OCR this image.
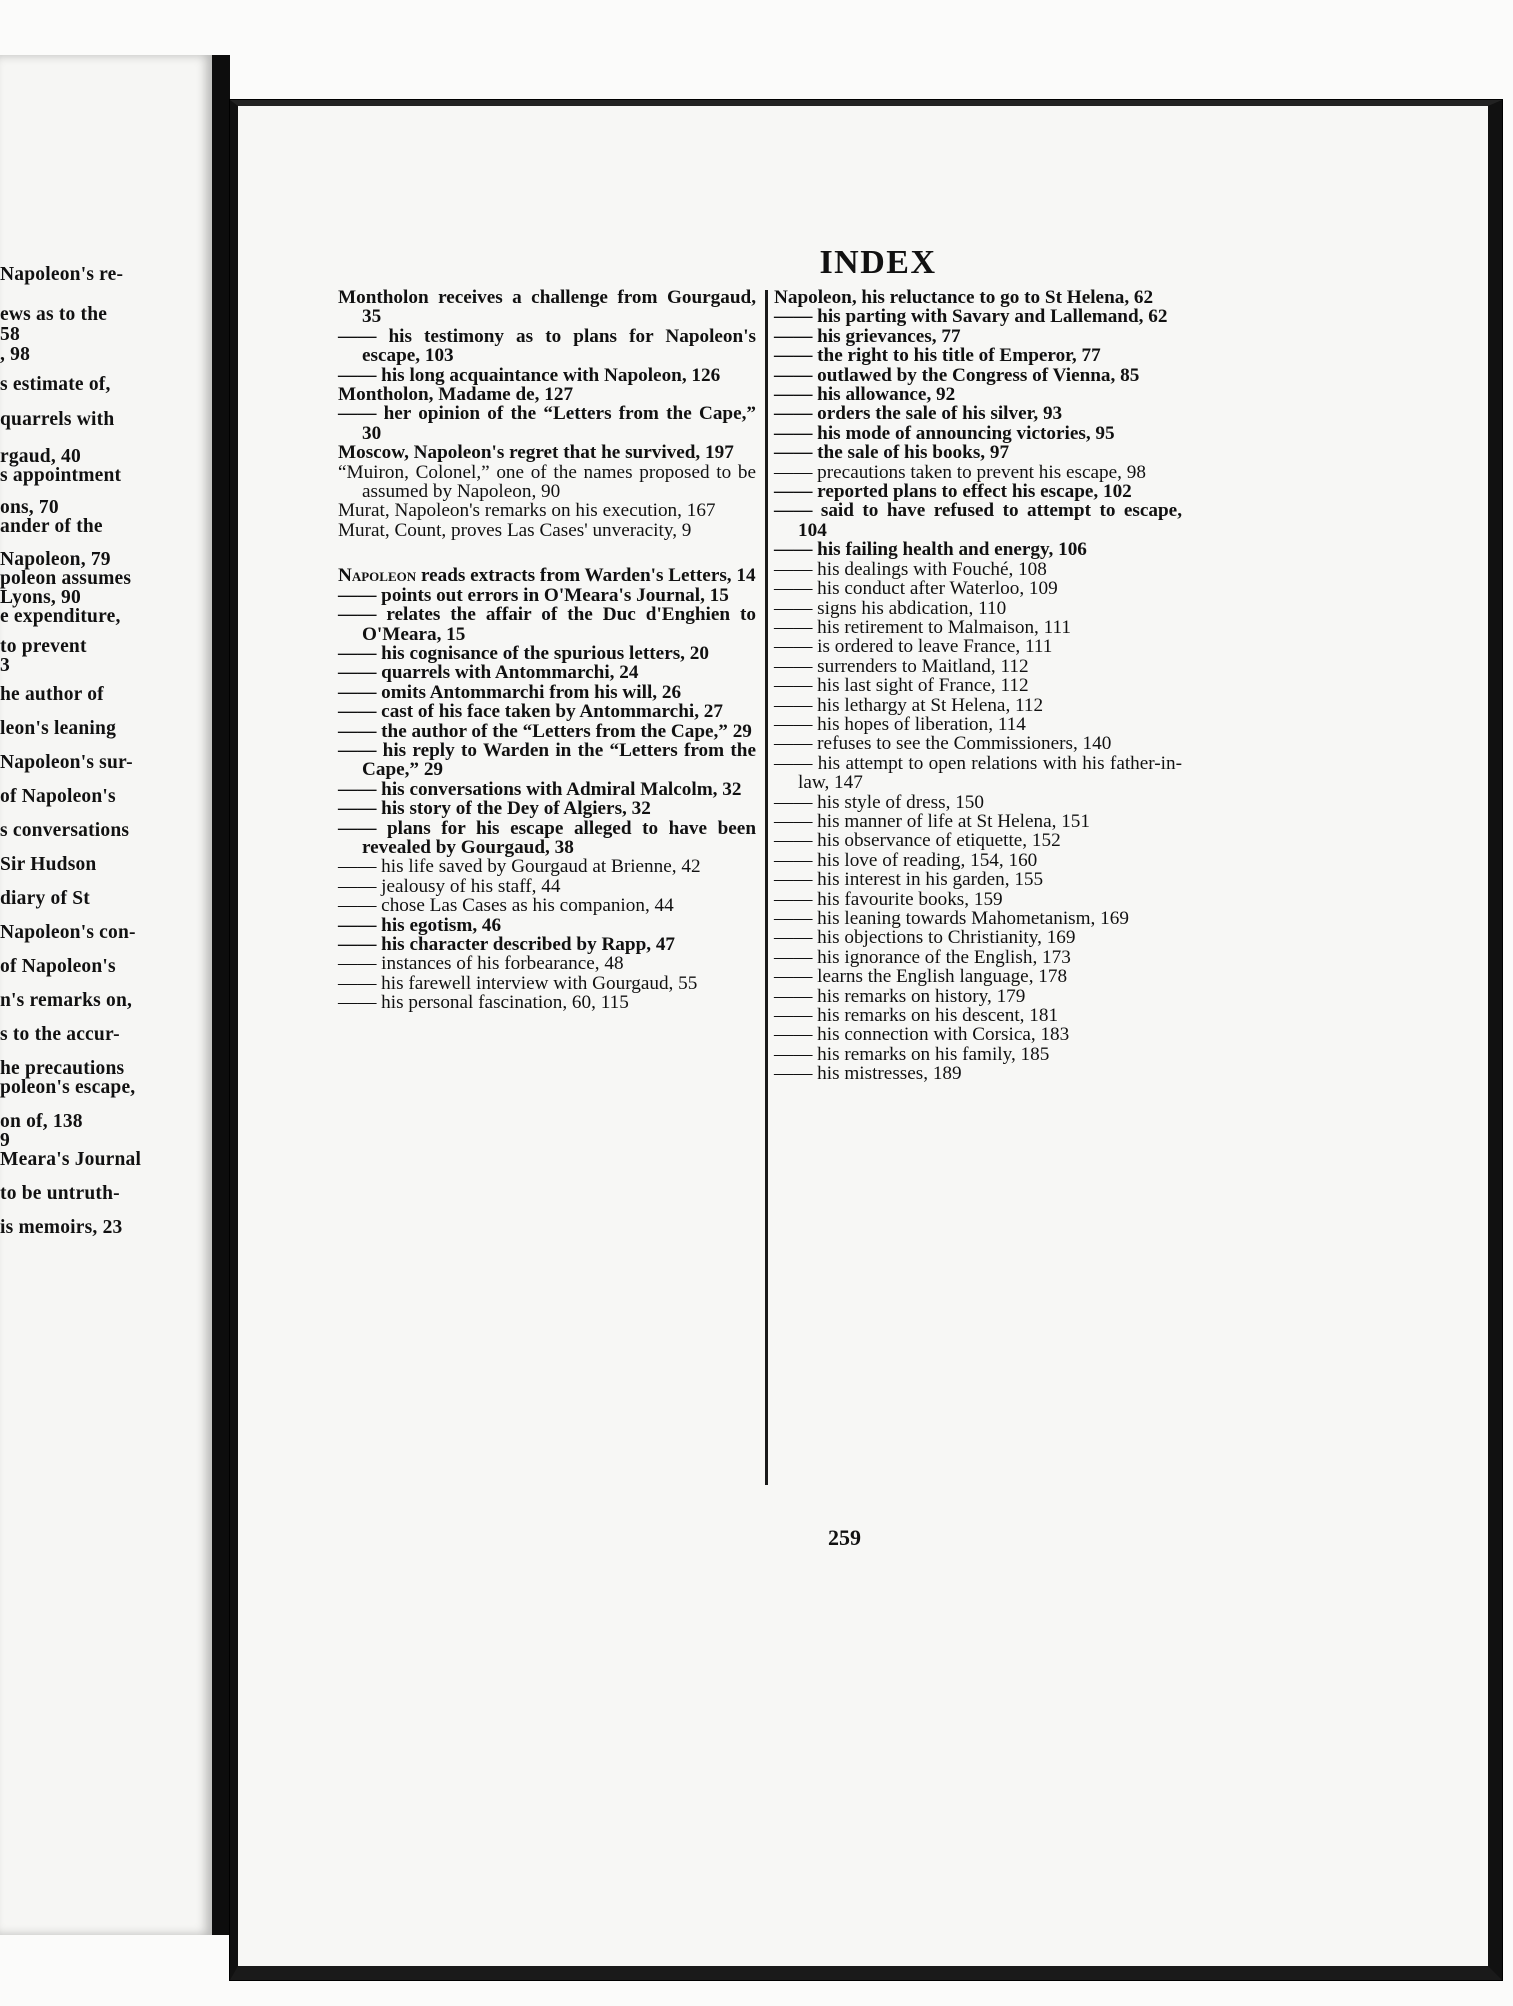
Napoleon's re-
ews as to the
58
, 98
s estimate of,
quarrels with
rgaud, 40
s appointment
ons, 70
ander of the
Napoleon, 79
poleon assumes
Lyons, 90
e expenditure,
to prevent
3
he author of
leon's leaning
Napoleon's sur-
of Napoleon's
s conversations
Sir Hudson
diary of St
Napoleon's con-
of Napoleon's
n's remarks on,
s to the accur-
he precautions
poleon's escape,
on of, 138
9
Meara's Journal
to be untruth-
is memoirs, 23
INDEX

Montholon receives a challenge from Gourgaud, 35

—— his testimony as to plans for Napoleon's escape, 103

—— his long acquaintance with Napoleon, 126

Montholon, Madame de, 127

—— her opinion of the “Letters from the Cape,” 30

Moscow, Napoleon's regret that he survived, 197

“Muiron, Colonel,” one of the names proposed to be assumed by Napoleon, 90

Murat, Napoleon's remarks on his execution, 167

Murat, Count, proves Las Cases' unveracity, 9

Napoleon reads extracts from Warden's Letters, 14

—— points out errors in O'Meara's Journal, 15

—— relates the affair of the Duc d'Enghien to O'Meara, 15

—— his cognisance of the spurious letters, 20

—— quarrels with Antommarchi, 24

—— omits Antommarchi from his will, 26

—— cast of his face taken by Antommarchi, 27

—— the author of the “Letters from the Cape,” 29

—— his reply to Warden in the “Letters from the Cape,” 29

—— his conversations with Admiral Malcolm, 32

—— his story of the Dey of Algiers, 32

—— plans for his escape alleged to have been revealed by Gourgaud, 38

—— his life saved by Gourgaud at Brienne, 42

—— jealousy of his staff, 44

—— chose Las Cases as his companion, 44

—— his egotism, 46

—— his character described by Rapp, 47

—— instances of his forbearance, 48

—— his farewell interview with Gourgaud, 55

—— his personal fascination, 60, 115

Napoleon, his reluctance to go to St Helena, 62

—— his parting with Savary and Lallemand, 62

—— his grievances, 77

—— the right to his title of Emperor, 77

—— outlawed by the Congress of Vienna, 85

—— his allowance, 92

—— orders the sale of his silver, 93

—— his mode of announcing victories, 95

—— the sale of his books, 97

—— precautions taken to prevent his escape, 98

—— reported plans to effect his escape, 102

—— said to have refused to attempt to escape, 104

—— his failing health and energy, 106

—— his dealings with Fouché, 108

—— his conduct after Waterloo, 109

—— signs his abdication, 110

—— his retirement to Malmaison, 111

—— is ordered to leave France, 111

—— surrenders to Maitland, 112

—— his last sight of France, 112

—— his lethargy at St Helena, 112

—— his hopes of liberation, 114

—— refuses to see the Commissioners, 140

—— his attempt to open relations with his father-in-law, 147

—— his style of dress, 150

—— his manner of life at St Helena, 151

—— his observance of etiquette, 152

—— his love of reading, 154, 160

—— his interest in his garden, 155

—— his favourite books, 159

—— his leaning towards Mahometanism, 169

—— his objections to Christianity, 169

—— his ignorance of the English, 173

—— learns the English language, 178

—— his remarks on history, 179

—— his remarks on his descent, 181

—— his connection with Corsica, 183

—— his remarks on his family, 185

—— his mistresses, 189

259
